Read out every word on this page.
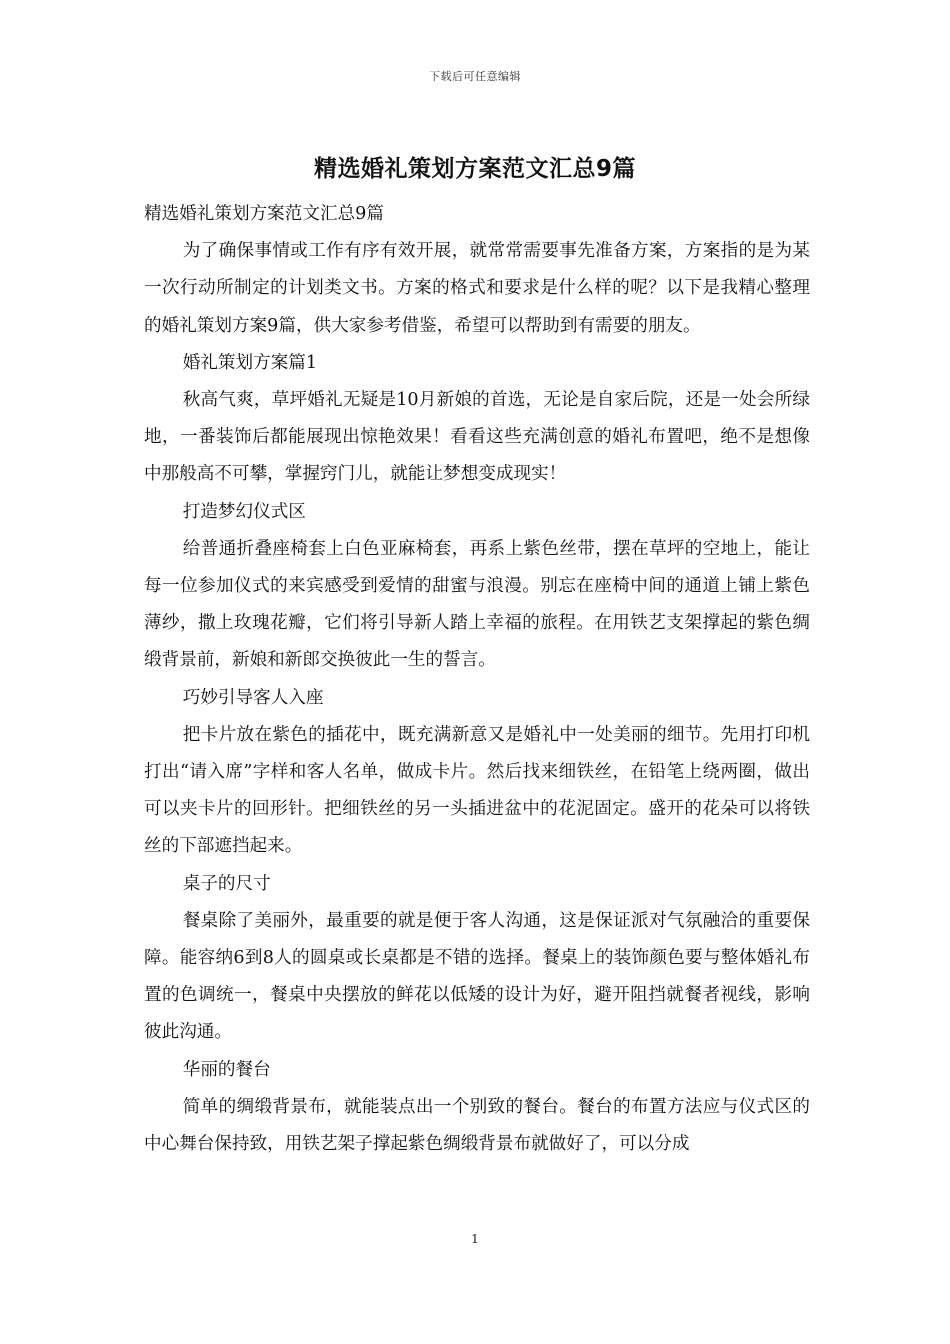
下载后可任意编辑
精选婚礼策划方案范文汇总9篇

精选婚礼策划方案范文汇总9篇

为了确保事情或工作有序有效开展，就常常需要事先准备方案，方案指的是为某一次行动所制定的计划类文书。方案的格式和要求是什么样的呢？以下是我精心整理的婚礼策划方案9篇，供大家参考借鉴，希望可以帮助到有需要的朋友。

婚礼策划方案篇1

秋高气爽，草坪婚礼无疑是10月新娘的首选，无论是自家后院，还是一处会所绿地，一番装饰后都能展现出惊艳效果！看看这些充满创意的婚礼布置吧，绝不是想像中那般高不可攀，掌握窍门儿，就能让梦想变成现实！

打造梦幻仪式区

给普通折叠座椅套上白色亚麻椅套，再系上紫色丝带，摆在草坪的空地上，能让每一位参加仪式的来宾感受到爱情的甜蜜与浪漫。别忘在座椅中间的通道上铺上紫色薄纱，撒上玫瑰花瓣，它们将引导新人踏上幸福的旅程。在用铁艺支架撑起的紫色绸缎背景前，新娘和新郎交换彼此一生的誓言。

巧妙引导客人入座

把卡片放在紫色的插花中，既充满新意又是婚礼中一处美丽的细节。先用打印机打出“请入席”字样和客人名单，做成卡片。然后找来细铁丝，在铅笔上绕两圈，做出可以夹卡片的回形针。把细铁丝的另一头插进盆中的花泥固定。盛开的花朵可以将铁丝的下部遮挡起来。

桌子的尺寸

餐桌除了美丽外，最重要的就是便于客人沟通，这是保证派对气氛融洽的重要保障。能容纳6到8人的圆桌或长桌都是不错的选择。餐桌上的装饰颜色要与整体婚礼布置的色调统一，餐桌中央摆放的鲜花以低矮的设计为好，避开阻挡就餐者视线，影响彼此沟通。

华丽的餐台

简单的绸缎背景布，就能装点出一个别致的餐台。餐台的布置方法应与仪式区的中心舞台保持致，用铁艺架子撑起紫色绸缎背景布就做好了，可以分成

1
